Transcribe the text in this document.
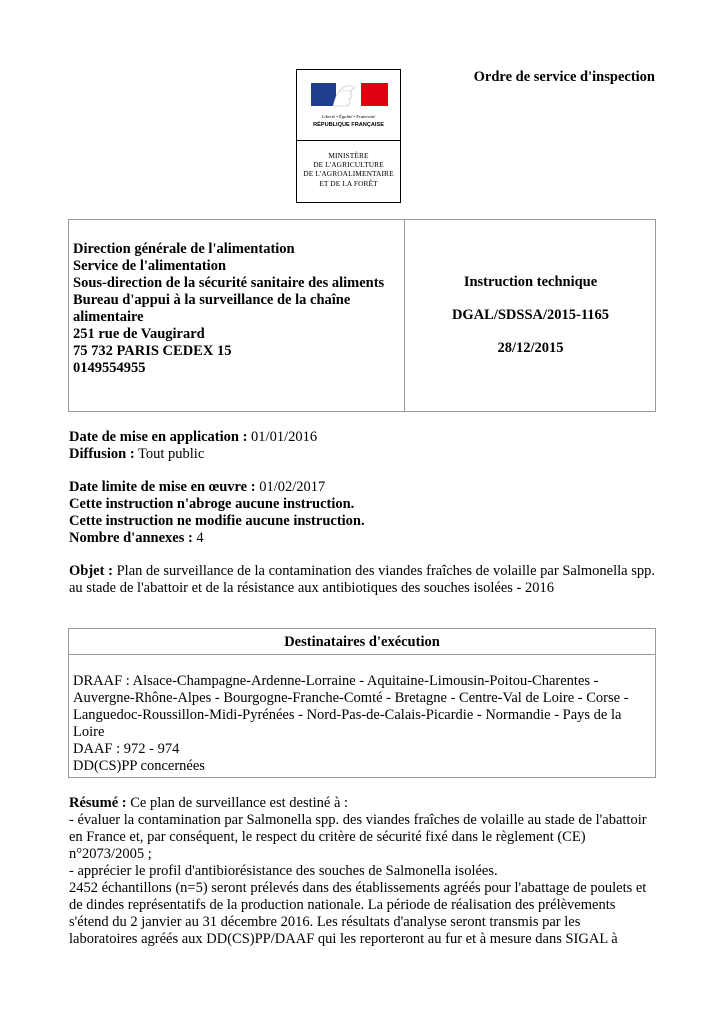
Liberté • Égalité • Fraternité
RÉPUBLIQUE FRANÇAISE
MINISTÈRE
DE L'AGRICULTURE
DE L'AGROALIMENTAIRE
ET DE LA FORÊT
Ordre de service d'inspection
Direction générale de l'alimentation
Service de l'alimentation
Sous-direction de la sécurité sanitaire des aliments
Bureau d'appui à la surveillance de la chaîne
alimentaire
251 rue de Vaugirard
75 732 PARIS CEDEX 15
0149554955
Instruction technique
DGAL/SDSSA/2015-1165
28/12/2015
Date de mise en application : 01/01/2016
Diffusion : Tout public
Date limite de mise en œuvre : 01/02/2017
Cette instruction n'abroge aucune instruction.
Cette instruction ne modifie aucune instruction.
Nombre d'annexes : 4
Objet : Plan de surveillance de la contamination des viandes fraîches de volaille par Salmonella spp. au stade de l'abattoir et de la résistance aux antibiotiques des souches isolées - 2016
Destinataires d'exécution
DRAAF : Alsace-Champagne-Ardenne-Lorraine - Aquitaine-Limousin-Poitou-Charentes -
Auvergne-Rhône-Alpes - Bourgogne-Franche-Comté - Bretagne - Centre-Val de Loire - Corse -
Languedoc-Roussillon-Midi-Pyrénées - Nord-Pas-de-Calais-Picardie - Normandie - Pays de la
Loire
DAAF : 972 - 974
DD(CS)PP concernées
Résumé : Ce plan de surveillance est destiné à :
- évaluer la contamination par Salmonella spp. des viandes fraîches de volaille au stade de l'abattoir
en France et, par conséquent, le respect du critère de sécurité fixé dans le règlement (CE)
n°2073/2005 ;
- apprécier le profil d'antibiorésistance des souches de Salmonella isolées.
2452 échantillons (n=5) seront prélevés dans des établissements agréés pour l'abattage de poulets et
de dindes représentatifs de la production nationale. La période de réalisation des prélèvements
s'étend du 2 janvier au 31 décembre 2016. Les résultats d'analyse seront transmis par les
laboratoires agréés aux DD(CS)PP/DAAF qui les reporteront au fur et à mesure dans SIGAL à
